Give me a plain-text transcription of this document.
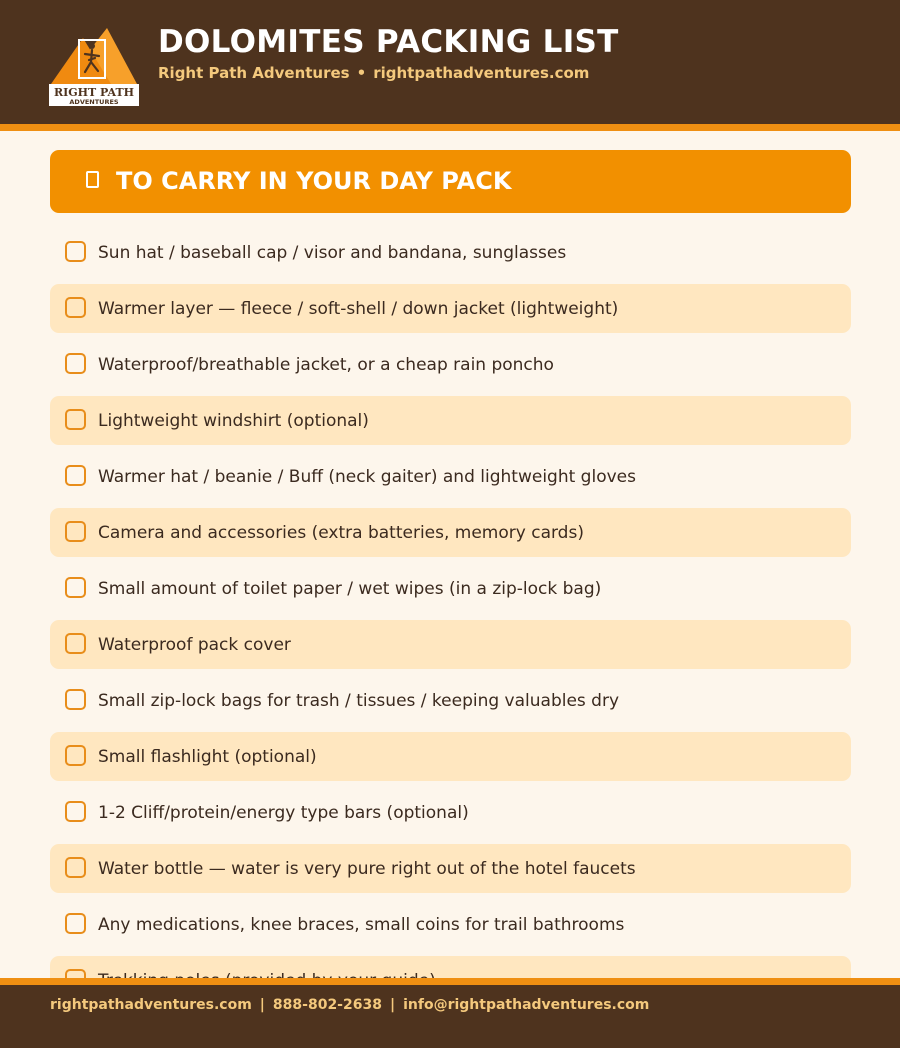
RIGHT PATH
ADVENTURES
DOLOMITES PACKING LIST
Right Path Adventures • rightpathadventures.com
TO CARRY IN YOUR DAY PACK
Sun hat / baseball cap / visor and bandana, sunglasses
Warmer layer — fleece / soft-shell / down jacket (lightweight)
Waterproof/breathable jacket, or a cheap rain poncho
Lightweight windshirt (optional)
Warmer hat / beanie / Buff (neck gaiter) and lightweight gloves
Camera and accessories (extra batteries, memory cards)
Small amount of toilet paper / wet wipes (in a zip-lock bag)
Waterproof pack cover
Small zip-lock bags for trash / tissues / keeping valuables dry
Small flashlight (optional)
1-2 Cliff/protein/energy type bars (optional)
Water bottle — water is very pure right out of the hotel faucets
Any medications, knee braces, small coins for trail bathrooms
rightpathadventures.com | 888-802-2638 | info@rightpathadventures.com
